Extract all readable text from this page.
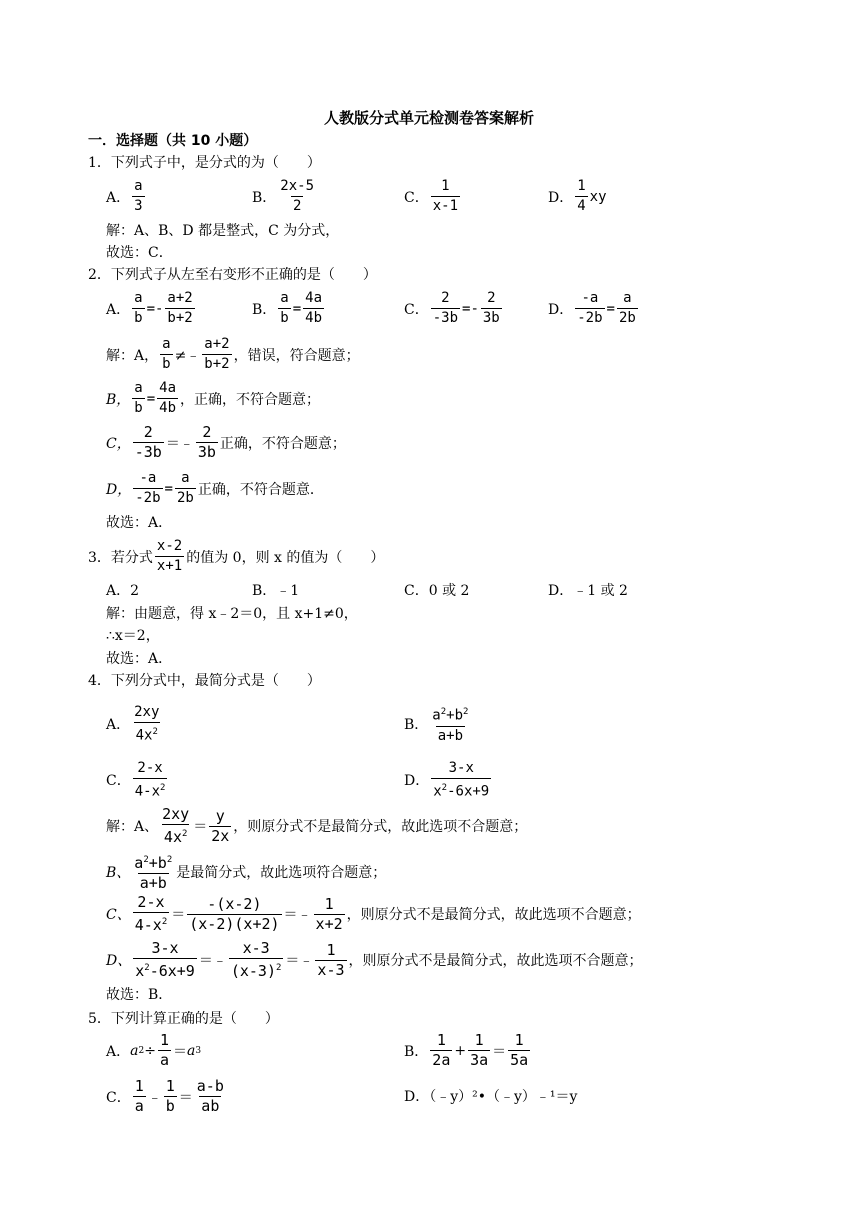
人教版分式单元检测卷答案解析
一．选择题（共 10 小题）
1．下列式子中，是分式的为（　　）
A． $\frac{a}{3}$	B． $\frac{2x-5}{2}$	C． $\frac{1}{x-1}$	D． $\frac{1}{4}$ xy
解：A、B、D 都是整式，C 为分式，
故选：C．
2．下列式子从左至右变形不正确的是（　　）
A． $\frac{a}{b} =- \frac{a+2}{b+2}$	B． $\frac{a}{b} = \frac{4a}{4b}$	C． $\frac{2}{-3b} =- \frac{2}{3b}$	D． $\frac{-a}{-2b} = \frac{a}{2b}$
解：A， $\frac{a}{b}$ ≠﹣ $\frac{a+2}{b+2}$ ，错误，符合题意；
B， $\frac{a}{b} = \frac{4a}{4b}$ ，正确，不符合题意；
C， $\frac{2}{-3b}$ ＝﹣ $\frac{2}{3b}$ 正确，不符合题意；
D， $\frac{-a}{-2b} = \frac{a}{2b}$ 正确，不符合题意．
故选：A．
3．若分式 $\frac{x-2}{x+1}$ 的值为 0，则 x 的值为（　　）
A．2	B．﹣1	C．0 或 2	D．﹣1 或 2
解：由题意，得 x﹣2＝0，且 x+1≠0，
∴x＝2，
故选：A．
4．下列分式中，最简分式是（　　）
A． $\frac{2xy}{4x^2}$	B． $\frac{a^2+b^2}{a+b}$
C． $\frac{2-x}{4-x^2}$	D． $\frac{3-x}{x^2-6x+9}$
解：A、 $\frac{2xy}{4x^2} = \frac{y}{2x}$ ，则原分式不是最简分式，故此选项不合题意；
B、 $\frac{a^2+b^2}{a+b}$ 是最简分式，故此选项符合题意；
C、 $\frac{2-x}{4-x^2} = \frac{-(x-2)}{(x-2)(x+2)}$ ＝﹣ $\frac{1}{x+2}$ ，则原分式不是最简分式，故此选项不合题意；
D、 $\frac{3-x}{x^2-6x+9}$ ＝﹣ $\frac{x-3}{(x-3)^2}$ ＝﹣ $\frac{1}{x-3}$ ，则原分式不是最简分式，故此选项不合题意；
故选：B．
5．下列计算正确的是（　　）
A． a $2 \div \frac{1}{a} = a$ 3	B． $\frac{1}{2a} + \frac{1}{3a} = \frac{1}{5a}$
C． $\frac{1}{a}$ ﹣ $\frac{1}{b} = \frac{a-b}{ab}$	D．（﹣y）²•（﹣y）﹣¹＝y
